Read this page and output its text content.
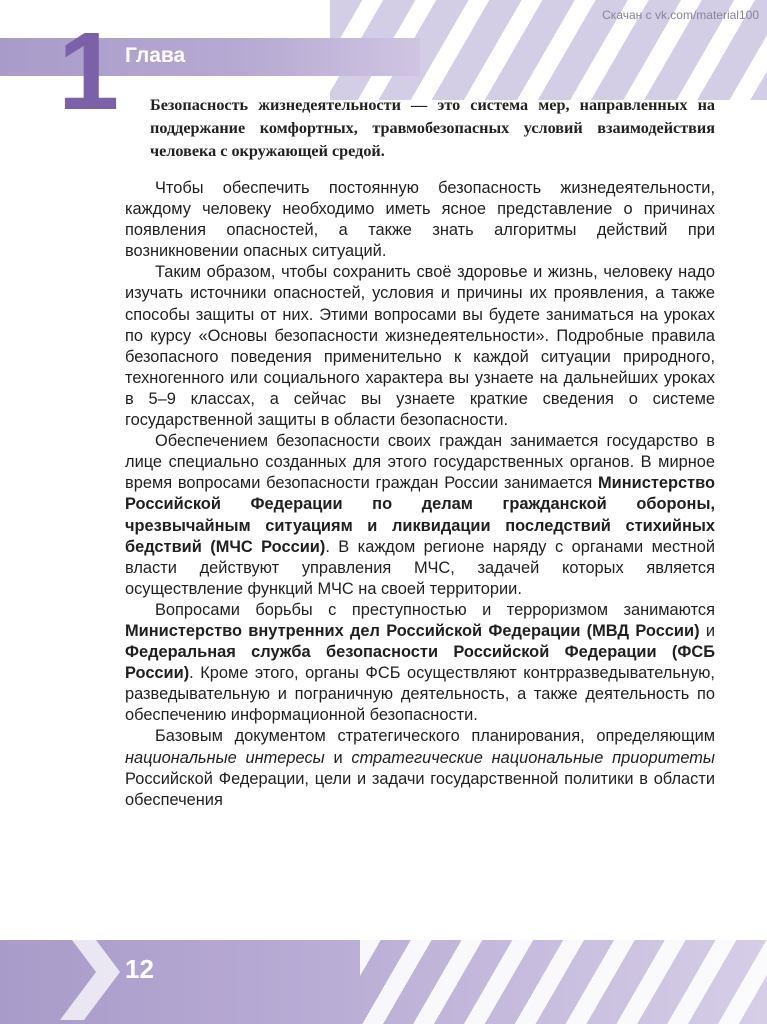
1 Глава
Скачан с vk.com/material100
Безопасность жизнедеятельности — это система мер, направленных на поддержание комфортных, травмобезопасных условий взаимодействия человека с окружающей средой.

Чтобы обеспечить постоянную безопасность жизнедеятельности, каждому человеку необходимо иметь ясное представление о причинах появления опасностей, а также знать алгоритмы действий при возникновении опасных ситуаций.

Таким образом, чтобы сохранить своё здоровье и жизнь, человеку надо изучать источники опасностей, условия и причины их проявления, а также способы защиты от них. Этими вопросами вы будете заниматься на уроках по курсу «Основы безопасности жизнедеятельности». Подробные правила безопасного поведения применительно к каждой ситуации природного, техногенного или социального характера вы узнаете на дальнейших уроках в 5–9 классах, а сейчас вы узнаете краткие сведения о системе государственной защиты в области безопасности.

Обеспечением безопасности своих граждан занимается государство в лице специально созданных для этого государственных органов. В мирное время вопросами безопасности граждан России занимается Министерство Российской Федерации по делам гражданской обороны, чрезвычайным ситуациям и ликвидации последствий стихийных бедствий (МЧС России). В каждом регионе наряду с органами местной власти действуют управления МЧС, задачей которых является осуществление функций МЧС на своей территории.

Вопросами борьбы с преступностью и терроризмом занимаются Министерство внутренних дел Российской Федерации (МВД России) и Федеральная служба безопасности Российской Федерации (ФСБ России). Кроме этого, органы ФСБ осуществляют контрразведывательную, разведывательную и пограничную деятельность, а также деятельность по обеспечению информационной безопасности.

Базовым документом стратегического планирования, определяющим национальные интересы и стратегические национальные приоритеты Российской Федерации, цели и задачи государственной политики в области обеспечения

12
